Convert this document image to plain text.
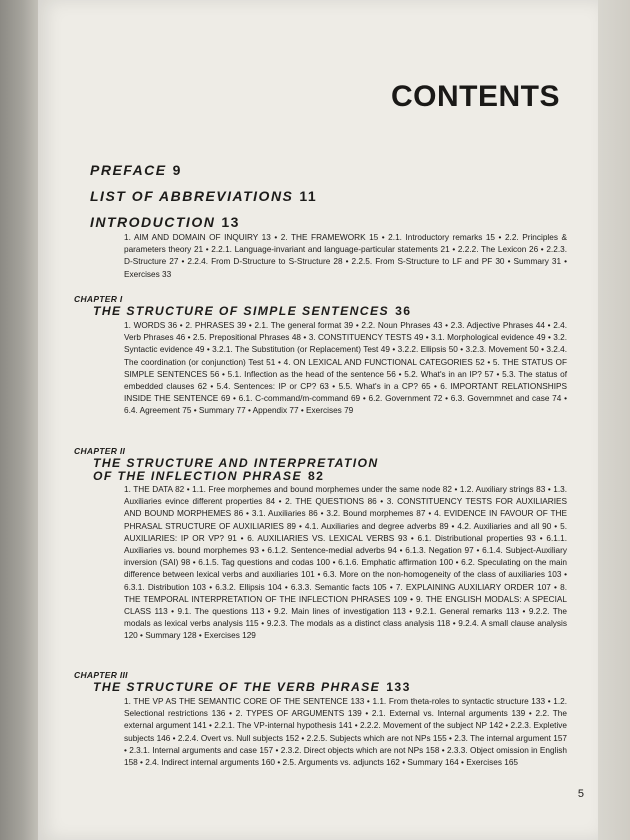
CONTENTS
PREFACE 9
LIST OF ABBREVIATIONS 11
INTRODUCTION 13
1. AIM AND DOMAIN OF INQUIRY 13 • 2. THE FRAMEWORK 15 • 2.1. Introductory remarks 15 • 2.2. Principles & parameters theory 21 • 2.2.1. Language-invariant and language-particular statements 21 • 2.2.2. The Lexicon 26 • 2.2.3. D-Structure 27 • 2.2.4. From D-Structure to S-Structure 28 • 2.2.5. From S-Structure to LF and PF 30 • Summary 31 • Exercises 33
CHAPTER I
THE STRUCTURE OF SIMPLE SENTENCES 36
1. WORDS 36 • 2. PHRASES 39 • 2.1. The general format 39 • 2.2. Noun Phrases 43 • 2.3. Adjective Phrases 44 • 2.4. Verb Phrases 46 • 2.5. Prepositional Phrases 48 • 3. CONSTITUENCY TESTS 49 • 3.1. Morphological evidence 49 • 3.2. Syntactic evidence 49 • 3.2.1. The Substitution (or Replacement) Test 49 • 3.2.2. Ellipsis 50 • 3.2.3. Movement 50 • 3.2.4. The coordination (or conjunction) Test 51 • 4. ON LEXICAL AND FUNCTIONAL CATEGORIES 52 • 5. THE STATUS OF SIMPLE SENTENCES 56 • 5.1. Inflection as the head of the sentence 56 • 5.2. What's in an IP? 57 • 5.3. The status of embedded clauses 62 • 5.4. Sentences: IP or CP? 63 • 5.5. What's in a CP? 65 • 6. IMPORTANT RELATIONSHIPS INSIDE THE SENTENCE 69 • 6.1. C-command/m-command 69 • 6.2. Government 72 • 6.3. Governmnet and case 74 • 6.4. Agreement 75 • Summary 77 • Appendix 77 • Exercises 79
CHAPTER II
THE STRUCTURE AND INTERPRETATION
OF THE INFLECTION PHRASE 82
1. THE DATA 82 • 1.1. Free morphemes and bound morphemes under the same node 82 • 1.2. Auxiliary strings 83 • 1.3. Auxiliaries evince different properties 84 • 2. THE QUESTIONS 86 • 3. CONSTITUENCY TESTS FOR AUXILIARIES AND BOUND MORPHEMES 86 • 3.1. Auxiliaries 86 • 3.2. Bound morphemes 87 • 4. EVIDENCE IN FAVOUR OF THE PHRASAL STRUCTURE OF AUXILIARIES 89 • 4.1. Auxiliaries and degree adverbs 89 • 4.2. Auxiliaries and all 90 • 5. AUXILIARIES: IP OR VP? 91 • 6. AUXILIARIES VS. LEXICAL VERBS 93 • 6.1. Distributional properties 93 • 6.1.1. Auxiliaries vs. bound morphemes 93 • 6.1.2. Sentence-medial adverbs 94 • 6.1.3. Negation 97 • 6.1.4. Subject-Auxiliary inversion (SAI) 98 • 6.1.5. Tag questions and codas 100 • 6.1.6. Emphatic affirmation 100 • 6.2. Speculating on the main difference between lexical verbs and auxiliaries 101 • 6.3. More on the non-homogeneity of the class of auxiliaries 103 • 6.3.1. Distribution 103 • 6.3.2. Ellipsis 104 • 6.3.3. Semantic facts 105 • 7. EXPLAINING AUXILIARY ORDER 107 • 8. THE TEMPORAL INTERPRETATION OF THE INFLECTION PHRASES 109 • 9. THE ENGLISH MODALS: A SPECIAL CLASS 113 • 9.1. The questions 113 • 9.2. Main lines of investigation 113 • 9.2.1. General remarks 113 • 9.2.2. The modals as lexical verbs analysis 115 • 9.2.3. The modals as a distinct class analysis 118 • 9.2.4. A small clause analysis 120 • Summary 128 • Exercises 129
CHAPTER III
THE STRUCTURE OF THE VERB PHRASE 133
1. THE VP AS THE SEMANTIC CORE OF THE SENTENCE 133 • 1.1. From theta-roles to syntactic structure 133 • 1.2. Selectional restrictions 136 • 2. TYPES OF ARGUMENTS 139 • 2.1. External vs. Internal arguments 139 • 2.2. The external argument 141 • 2.2.1. The VP-internal hypothesis 141 • 2.2.2. Movement of the subject NP 142 • 2.2.3. Expletive subjects 146 • 2.2.4. Overt vs. Null subjects 152 • 2.2.5. Subjects which are not NPs 155 • 2.3. The internal argument 157 • 2.3.1. Internal arguments and case 157 • 2.3.2. Direct objects which are not NPs 158 • 2.3.3. Object omission in English 158 • 2.4. Indirect internal arguments 160 • 2.5. Arguments vs. adjuncts 162 • Summary 164 • Exercises 165
5
